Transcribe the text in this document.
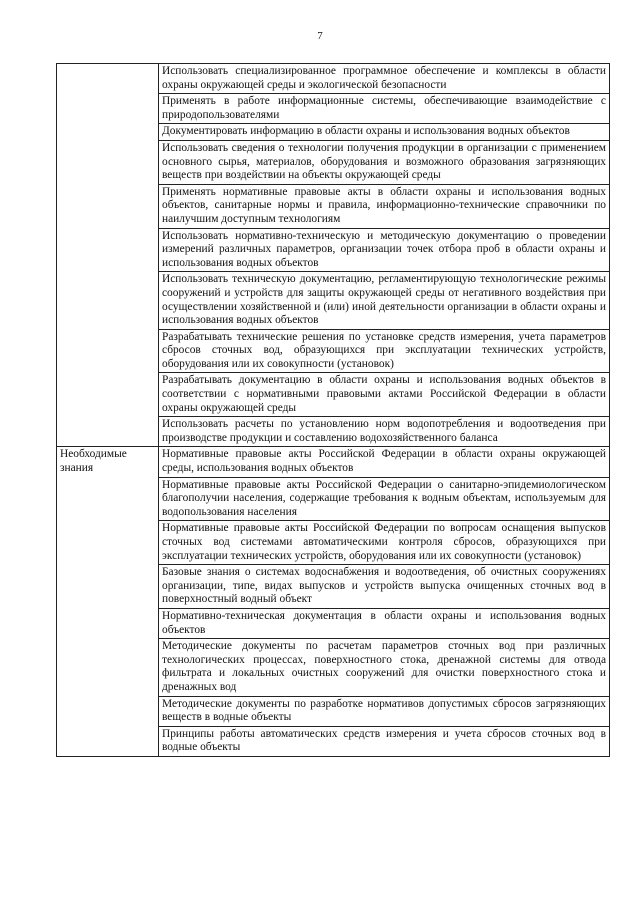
7
	Использовать специализированное программное обеспечение и комплексы в области охраны окружающей среды и экологической безопасности
	Применять в работе информационные системы, обеспечивающие взаимодействие с природопользователями
	Документировать информацию в области охраны и использования водных объектов
	Использовать сведения о технологии получения продукции в организации с применением основного сырья, материалов, оборудования и возможного образования загрязняющих веществ при воздействии на объекты окружающей среды
	Применять нормативные правовые акты в области охраны и использования водных объектов, санитарные нормы и правила, информационно-технические справочники по наилучшим доступным технологиям
	Использовать нормативно-техническую и методическую документацию о проведении измерений различных параметров, организации точек отбора проб в области охраны и использования водных объектов
	Использовать техническую документацию, регламентирующую технологические режимы сооружений и устройств для защиты окружающей среды от негативного воздействия при осуществлении хозяйственной и (или) иной деятельности организации в области охраны и использования водных объектов
	Разрабатывать технические решения по установке средств измерения, учета параметров сбросов сточных вод, образующихся при эксплуатации технических устройств, оборудования или их совокупности (установок)
	Разрабатывать документацию в области охраны и использования водных объектов в соответствии с нормативными правовыми актами Российской Федерации в области охраны окружающей среды
	Использовать расчеты по установлению норм водопотребления и водоотведения при производстве продукции и составлению водохозяйственного баланса
Необходимые знания	Нормативные правовые акты Российской Федерации в области охраны окружающей среды, использования водных объектов
	Нормативные правовые акты Российской Федерации о санитарно-эпидемиологическом благополучии населения, содержащие требования к водным объектам, используемым для водопользования населения
	Нормативные правовые акты Российской Федерации по вопросам оснащения выпусков сточных вод системами автоматическими контроля сбросов, образующихся при эксплуатации технических устройств, оборудования или их совокупности (установок)
	Базовые знания о системах водоснабжения и водоотведения, об очистных сооружениях организации, типе, видах выпусков и устройств выпуска очищенных сточных вод в поверхностный водный объект
	Нормативно-техническая документация в области охраны и использования водных объектов
	Методические документы по расчетам параметров сточных вод при различных технологических процессах, поверхностного стока, дренажной системы для отвода фильтрата и локальных очистных сооружений для очистки поверхностного стока и дренажных вод
	Методические документы по разработке нормативов допустимых сбросов загрязняющих веществ в водные объекты
	Принципы работы автоматических средств измерения и учета сбросов сточных вод в водные объекты
